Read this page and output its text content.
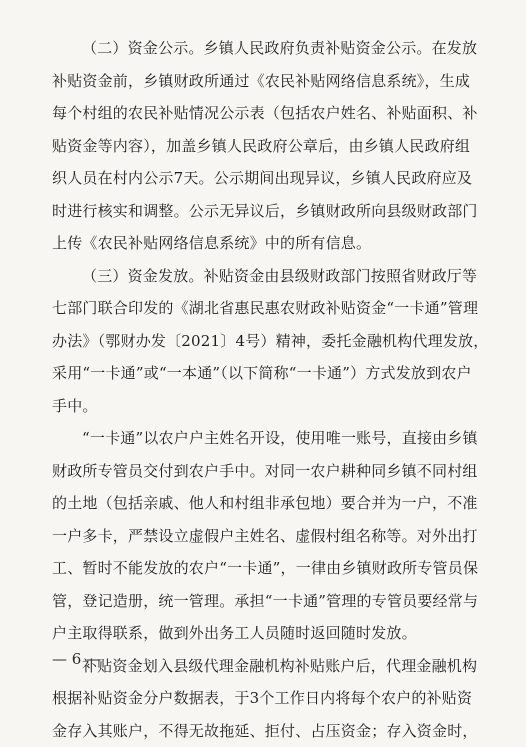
（二）资金公示。乡镇人民政府负责补贴资金公示。在发放
补贴资金前，乡镇财政所通过《农民补贴网络信息系统》，生成
每个村组的农民补贴情况公示表（包括农户姓名、补贴面积、补
贴资金等内容），加盖乡镇人民政府公章后，由乡镇人民政府组
织人员在村内公示7天。公示期间出现异议，乡镇人民政府应及
时进行核实和调整。公示无异议后，乡镇财政所向县级财政部门
上传《农民补贴网络信息系统》中的所有信息。

（三）资金发放。补贴资金由县级财政部门按照省财政厅等
七部门联合印发的《湖北省惠民惠农财政补贴资金“一卡通”管理
办法》（鄂财办发〔2021〕4号）精神，委托金融机构代理发放，
采用“一卡通”或“一本通”（以下简称“一卡通”）方式发放到农户
手中。

“一卡通”以农户户主姓名开设，使用唯一账号，直接由乡镇
财政所专管员交付到农户手中。对同一农户耕种同乡镇不同村组
的土地（包括亲戚、他人和村组非承包地）要合并为一户，不准
一户多卡，严禁设立虚假户主姓名、虚假村组名称等。对外出打
工、暂时不能发放的农户“一卡通”，一律由乡镇财政所专管员保
管，登记造册，统一管理。承担“一卡通”管理的专管员要经常与
户主取得联系，做到外出务工人员随时返回随时发放。

补贴资金划入县级代理金融机构补贴账户后，代理金融机构
根据补贴资金分户数据表，于3个工作日内将每个农户的补贴资
金存入其账户，不得无故拖延、拒付、占压资金；存入资金时，

— 6 —
